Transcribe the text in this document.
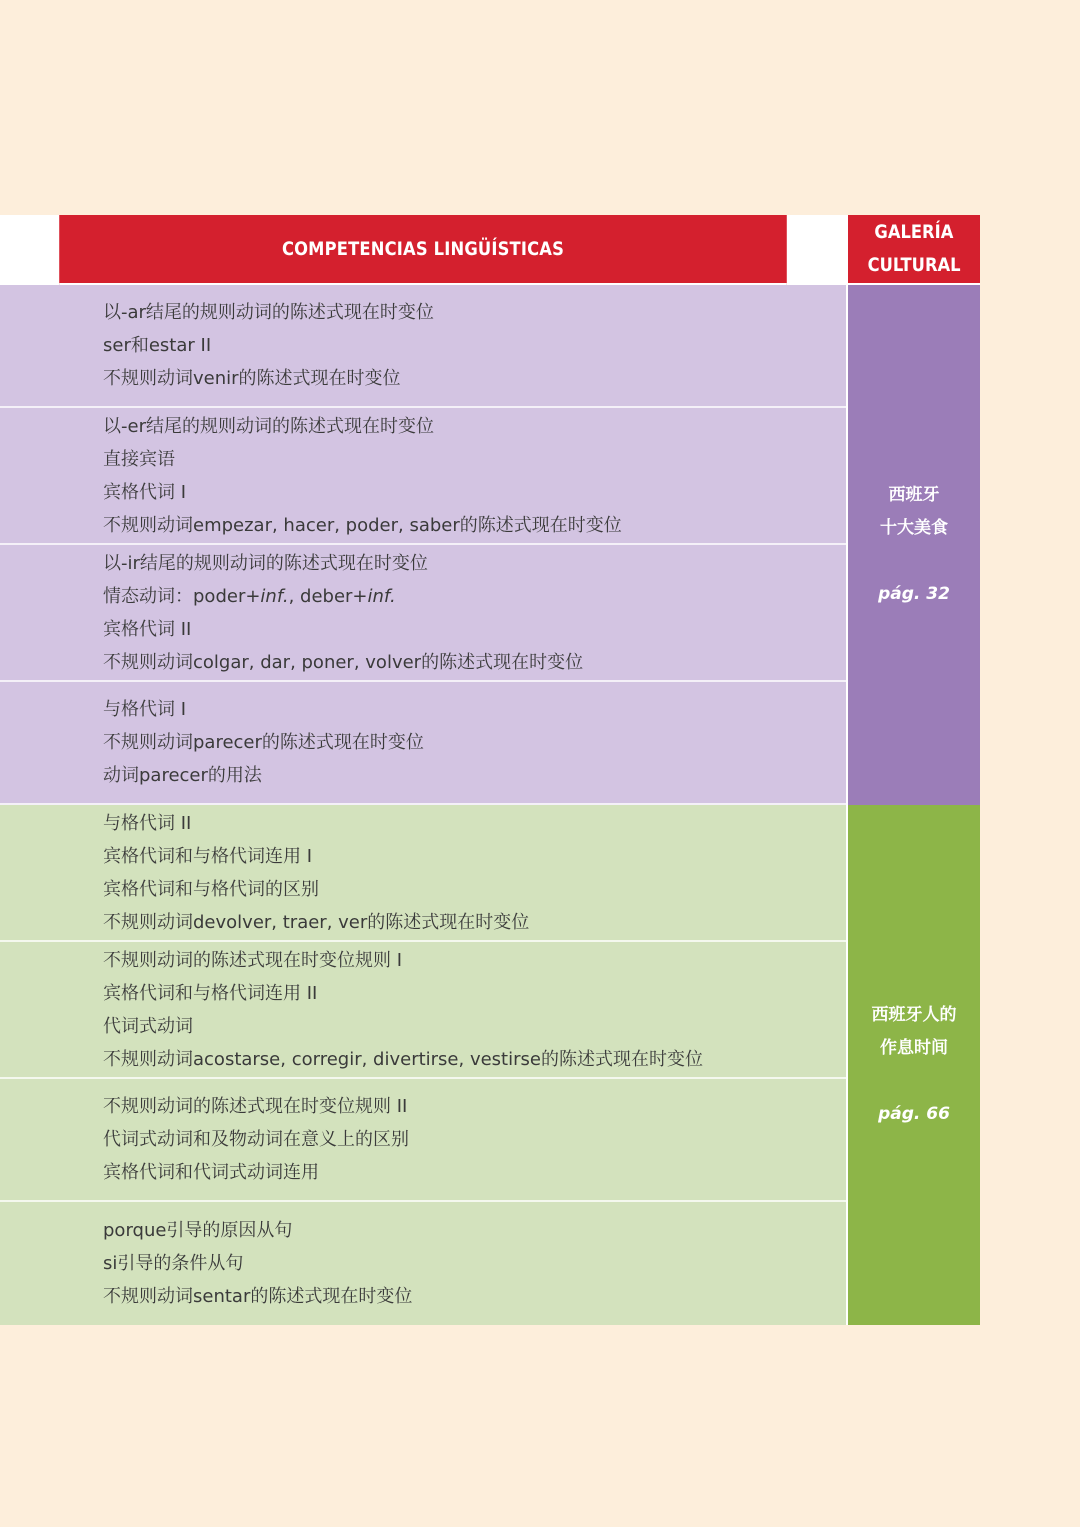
COMPETENCIAS LINGÜÍSTICAS
GALERÍA
CULTURAL
以-ar结尾的规则动词的陈述式现在时变位
ser和estar II
不规则动词venir的陈述式现在时变位
以-er结尾的规则动词的陈述式现在时变位
直接宾语
宾格代词 I
不规则动词empezar, hacer, poder, saber的陈述式现在时变位
以-ir结尾的规则动词的陈述式现在时变位
情态动词：poder+inf., deber+inf.
宾格代词 II
不规则动词colgar, dar, poner, volver的陈述式现在时变位
与格代词 I
不规则动词parecer的陈述式现在时变位
动词parecer的用法
西班牙
十大美食
pág. 32
与格代词 II
宾格代词和与格代词连用 I
宾格代词和与格代词的区别
不规则动词devolver, traer, ver的陈述式现在时变位
不规则动词的陈述式现在时变位规则 I
宾格代词和与格代词连用 II
代词式动词
不规则动词acostarse, corregir, divertirse, vestirse的陈述式现在时变位
不规则动词的陈述式现在时变位规则 II
代词式动词和及物动词在意义上的区别
宾格代词和代词式动词连用
porque引导的原因从句
si引导的条件从句
不规则动词sentar的陈述式现在时变位
西班牙人的
作息时间
pág. 66
